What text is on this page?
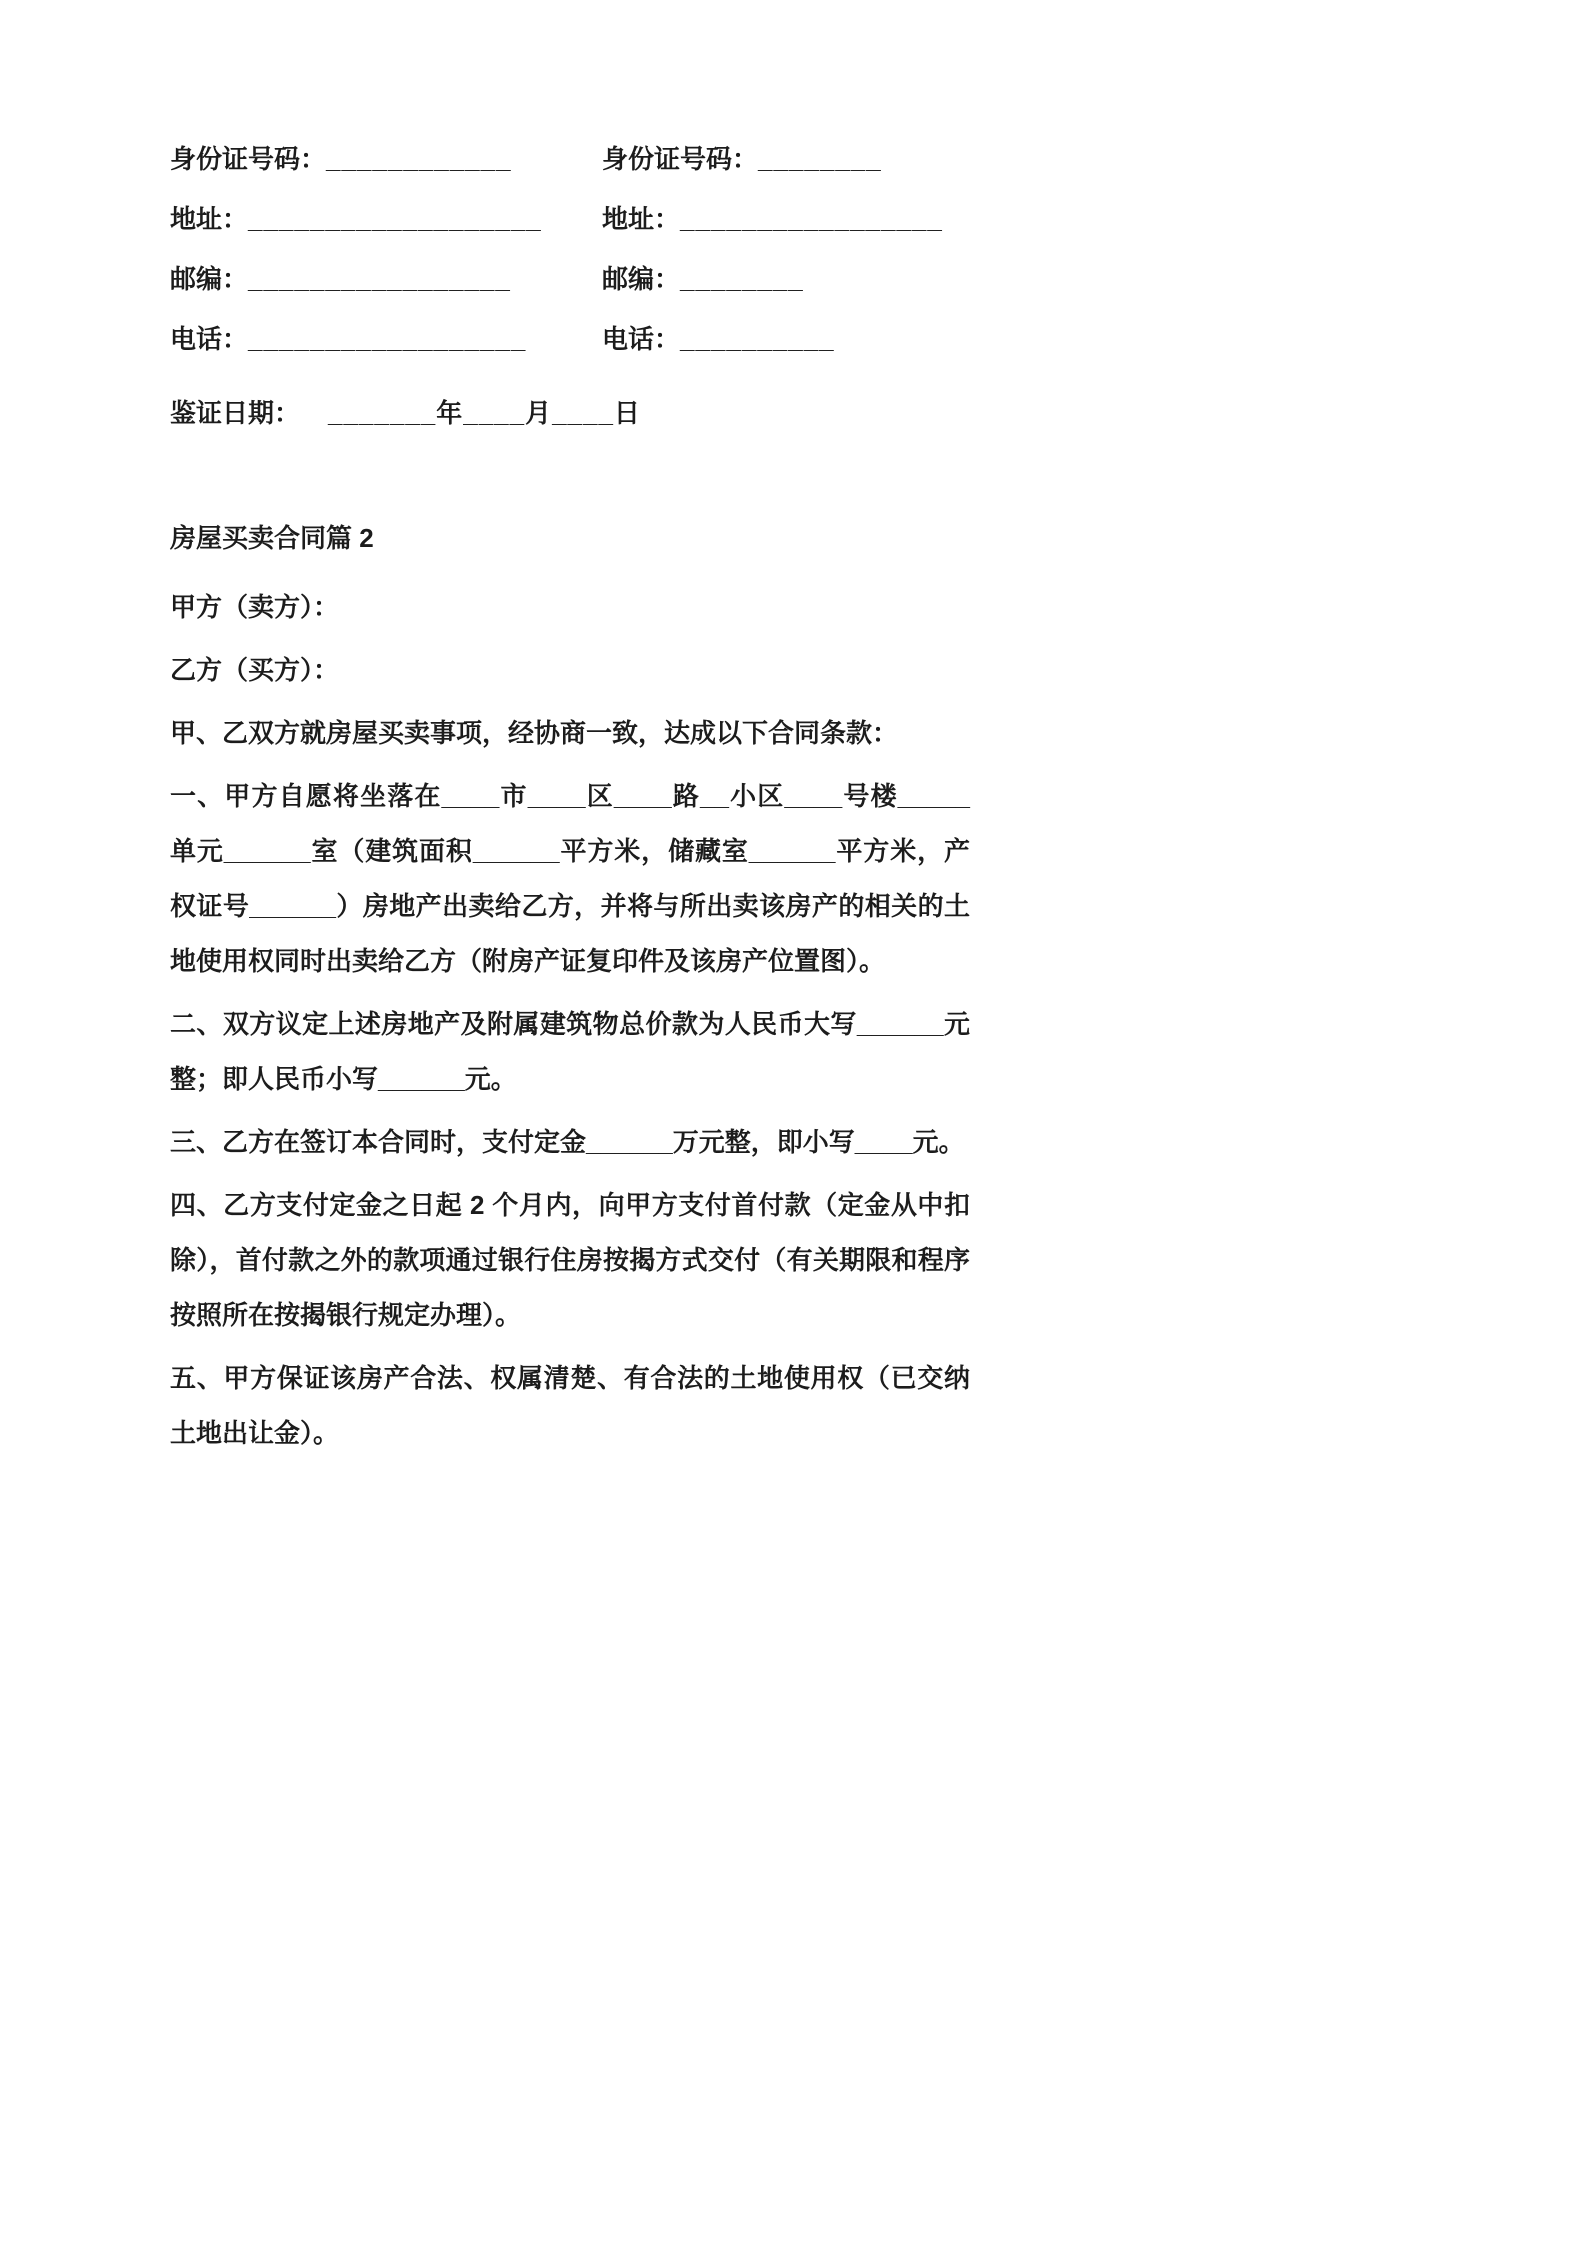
身份证号码：____________
地址：___________________
邮编：_________________
电话：__________________
身份证号码：________
地址：_________________
邮编：________
电话：__________
鉴证日期： _______年____月____日
房屋买卖合同篇 2

甲方（卖方）：

乙方（买方）：

甲、乙双方就房屋买卖事项，经协商一致，达成以下合同条款：

一、甲方自愿将坐落在____市____区____路__小区____号楼_____单元______室（建筑面积______平方米，储藏室______平方米，产权证号______）房地产出卖给乙方，并将与所出卖该房产的相关的土地使用权同时出卖给乙方（附房产证复印件及该房产位置图）。

二、双方议定上述房地产及附属建筑物总价款为人民币大写______元整；即人民币小写______元。

三、乙方在签订本合同时，支付定金______万元整，即小写____元。

四、乙方支付定金之日起 2 个月内，向甲方支付首付款（定金从中扣除），首付款之外的款项通过银行住房按揭方式交付（有关期限和程序按照所在按揭银行规定办理）。

五、甲方保证该房产合法、权属清楚、有合法的土地使用权（已交纳土地出让金）。
